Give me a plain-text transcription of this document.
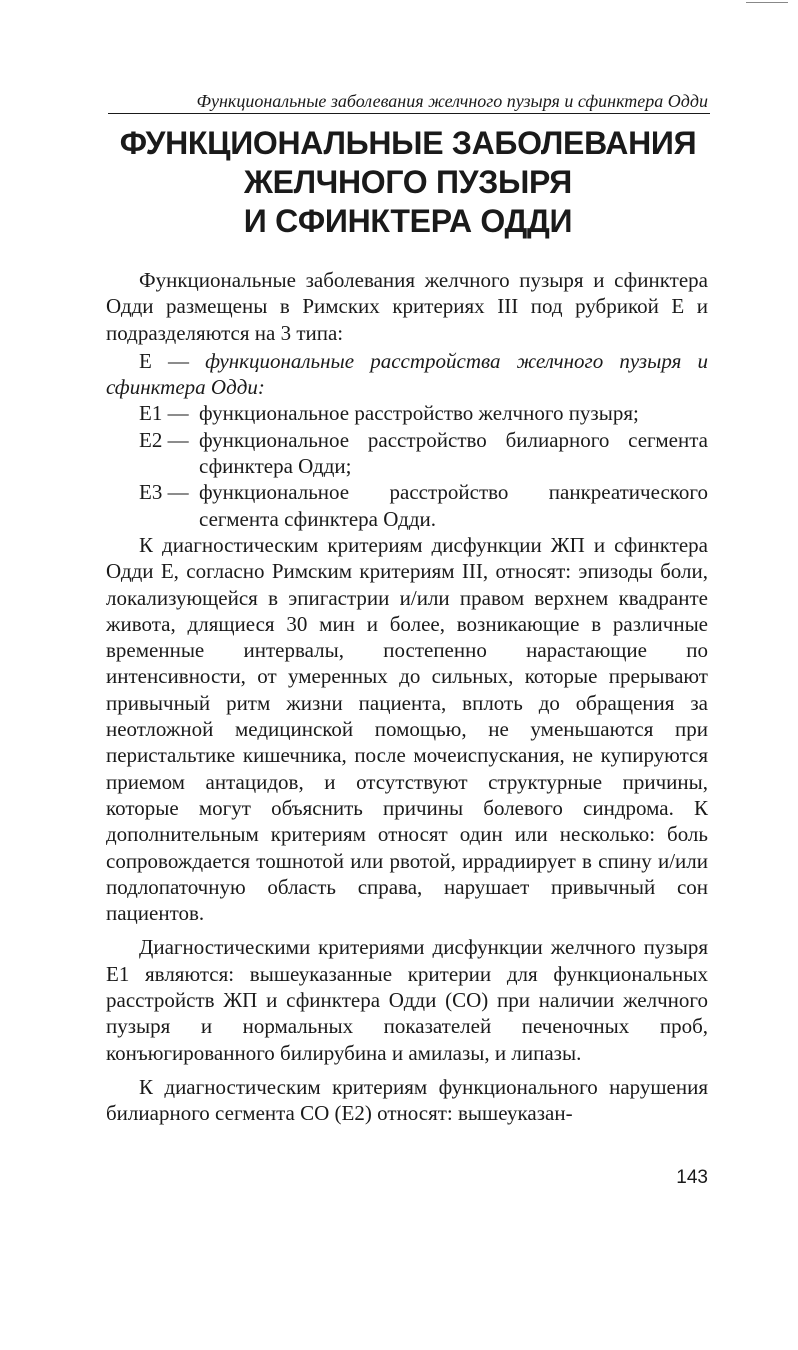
Функциональные заболевания желчного пузыря и сфинктера Одди
ФУНКЦИОНАЛЬНЫЕ ЗАБОЛЕВАНИЯ
ЖЕЛЧНОГО ПУЗЫРЯ
И СФИНКТЕРА ОДДИ

Функциональные заболевания желчного пузыря и сфинктера Одди размещены в Римских критериях III под рубрикой Е и подразделяются на 3 типа:

Е — функциональные расстройства желчного пузыря и сфинктера Одди:

Е1 — функциональное расстройство желчного пузыря;
Е2 — функциональное расстройство билиарного сегмента сфинктера Одди;
Е3 — функциональное расстройство панкреатического сегмента сфинктера Одди.

К диагностическим критериям дисфункции ЖП и сфинктера Одди Е, согласно Римским критериям III, относят: эпизоды боли, локализующейся в эпигастрии и/или правом верхнем квадранте живота, длящиеся 30 мин и более, возникающие в различные временные интервалы, постепенно нарастающие по интенсивности, от умеренных до сильных, которые прерывают привычный ритм жизни пациента, вплоть до обращения за неотложной медицинской помощью, не уменьшаются при перистальтике кишечника, после мочеиспускания, не купируются приемом антацидов, и отсутствуют структурные причины, которые могут объяснить причины болевого синдрома. К дополнительным критериям относят один или несколько: боль сопровождается тошнотой или рвотой, иррадиирует в спину и/или подлопаточную область справа, нарушает привычный сон пациентов.

Диагностическими критериями дисфункции желчного пузыря Е1 являются: вышеуказанные критерии для функциональных расстройств ЖП и сфинктера Одди (СО) при наличии желчного пузыря и нормальных показателей печеночных проб, конъюгированного билирубина и амилазы, и липазы.

К диагностическим критериям функционального нарушения билиарного сегмента СО (Е2) относят: вышеуказан-

143
